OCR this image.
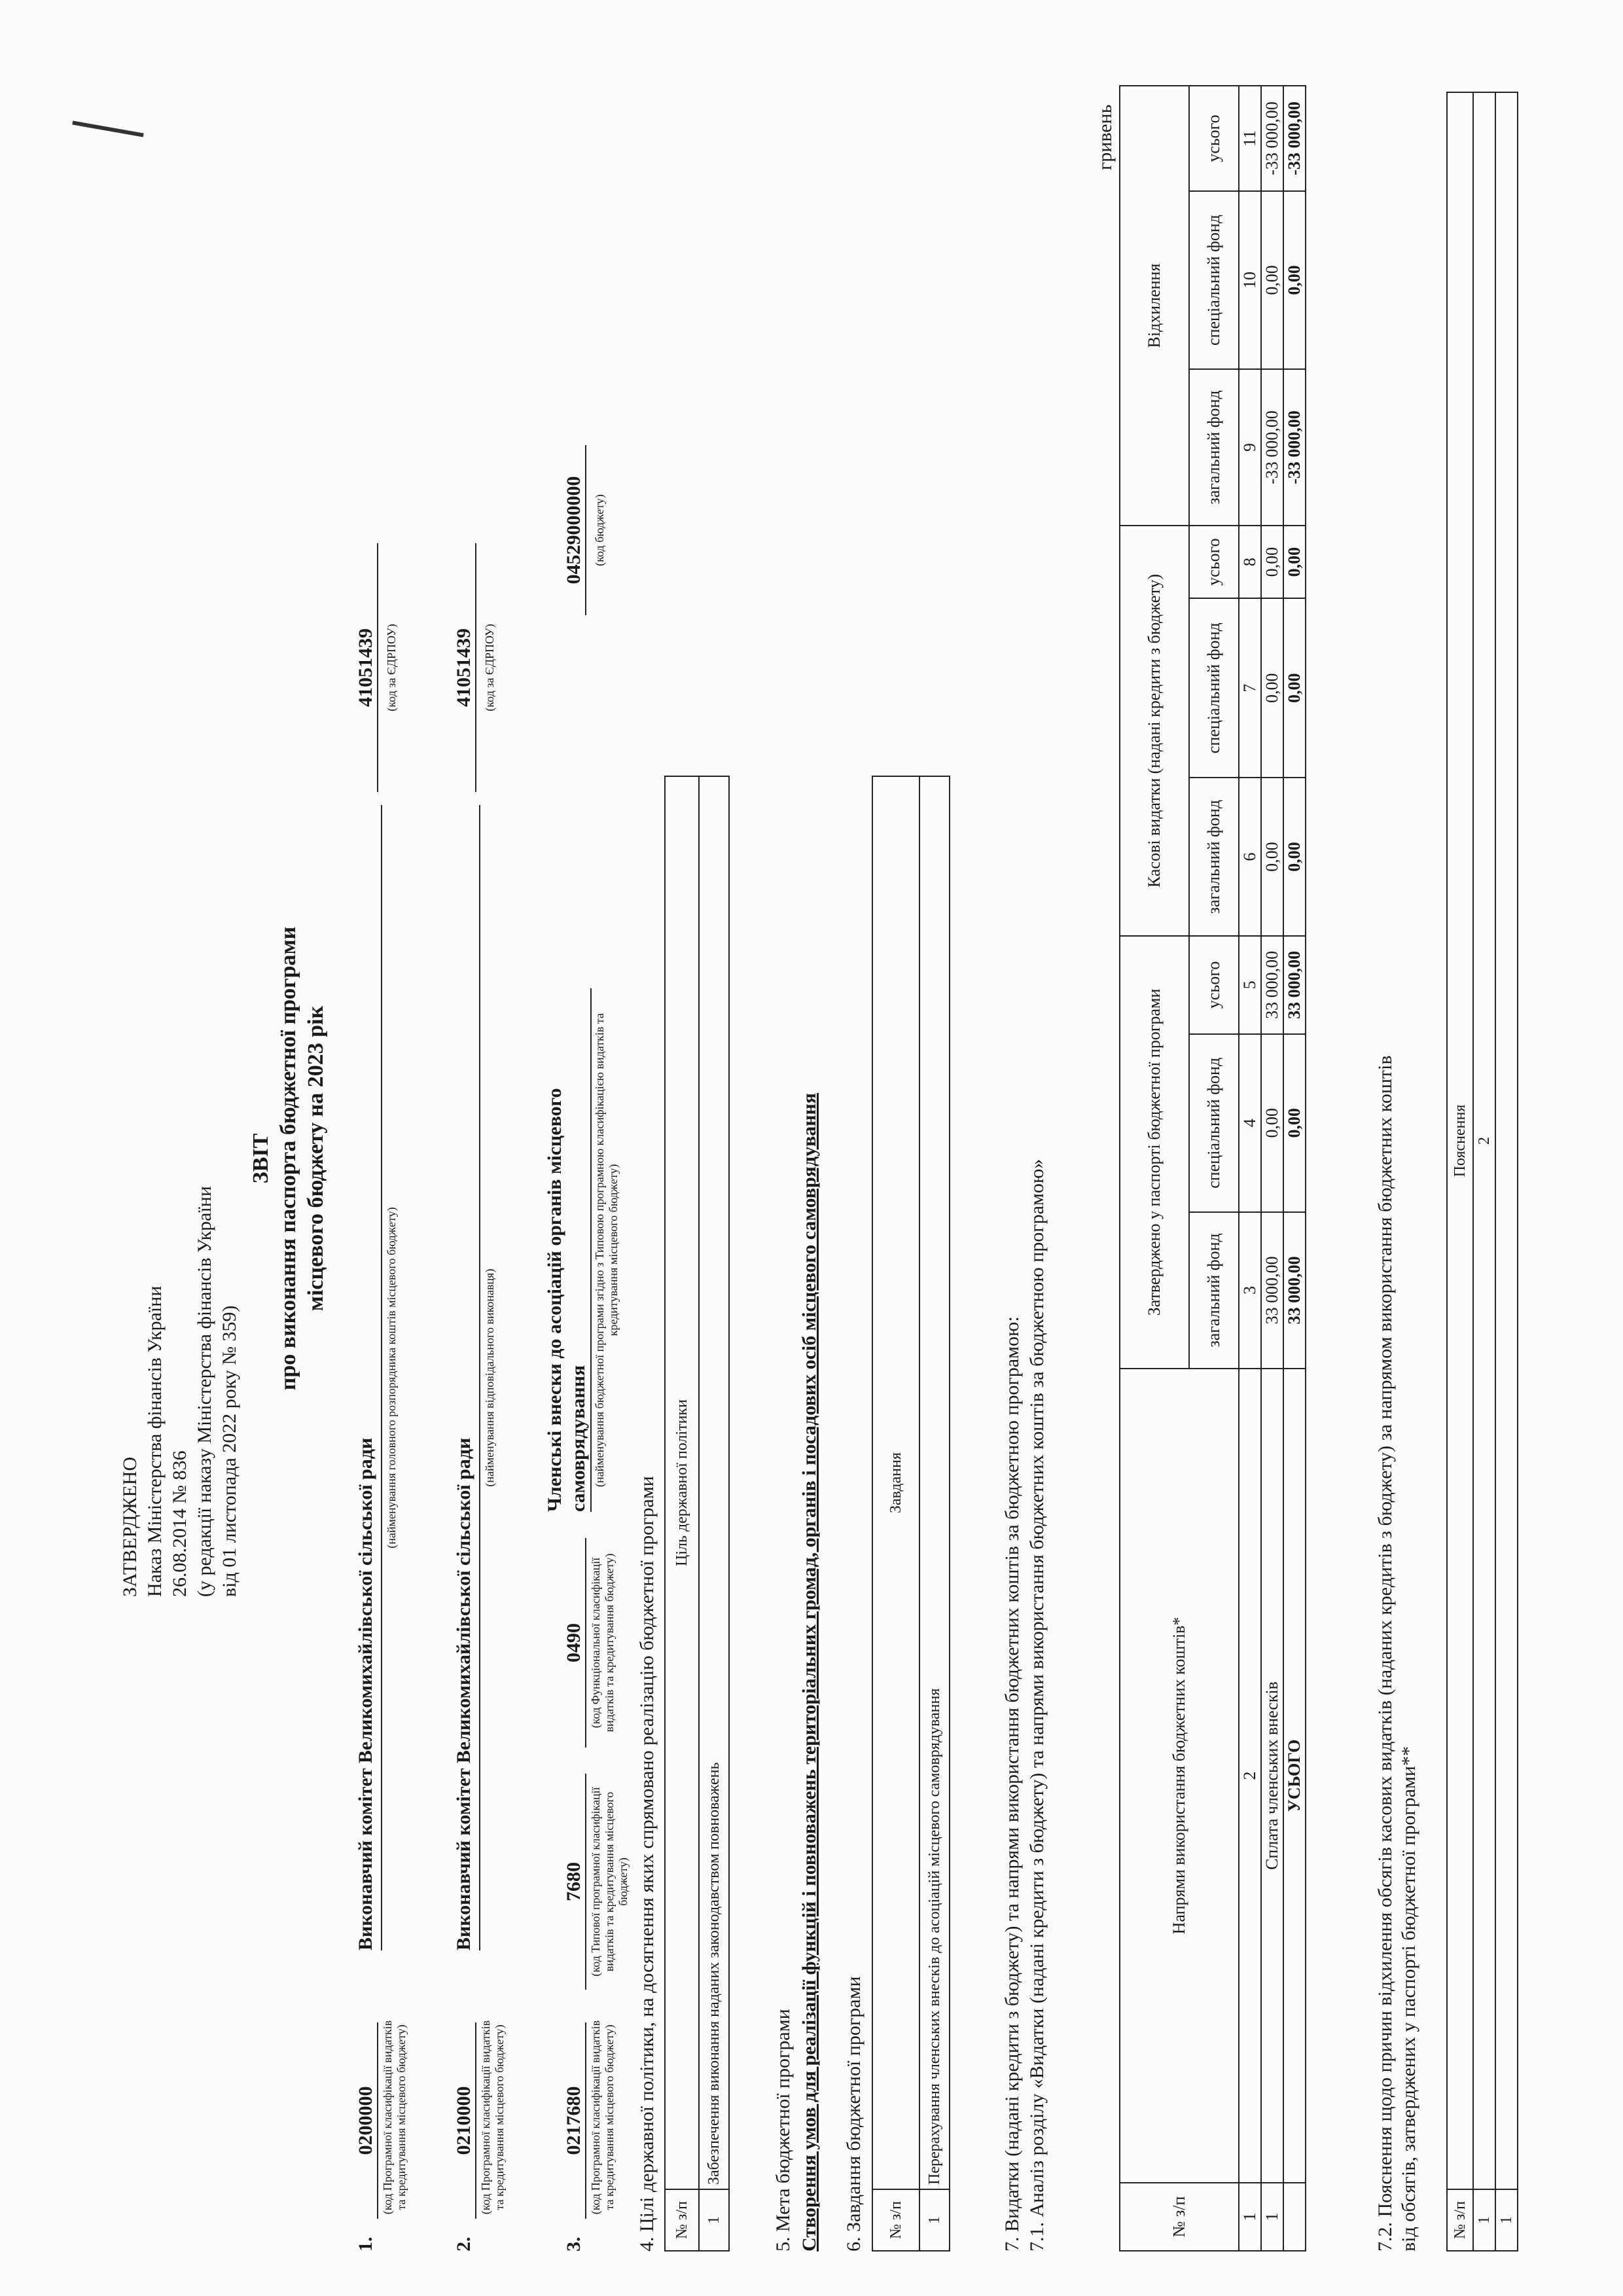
ЗАТВЕРДЖЕНО Наказ Міністерства фінансів України 26.08.2014 № 836 (у редакції наказу Міністерства фінансів України від 01 листопада 2022 року № 359)
ЗВІТ про виконання паспорта бюджетної програми місцевого бюджету на 2023 рік
1.
0200000 (код Програмної класифікації видатків та кредитування місцевого бюджету)
Виконавчий комітет Великомихайлівської сільської ради
(найменування головного розпорядника коштів місцевого бюджету)
41051439 (код за ЄДРПОУ)
2.
0210000 (код Програмної класифікації видатків та кредитування місцевого бюджету)
Виконавчий комітет Великомихайлівської сільської ради
(найменування відповідального виконавця)
41051439 (код за ЄДРПОУ)
3.
0217680 (код Програмної класифікації видатків та кредитування місцевого бюджету)
7680 (код Типової програмної класифікації видатків та кредитування місцевого бюджету)
0490 (код Функціональної класифікації видатків та кредитування бюджету)
Членські внески до асоціацій органів місцевого самоврядування (найменування бюджетної програми згідно з Типовою програмною класифікацією видатків та кредитування місцевого бюджету)
04529000000 (код бюджету)
4. Цілі державної політики, на досягнення яких спрямовано реалізацію бюджетної програми № з/п	Ціль державної політики
1	Забезпечення виконання наданих законодавством повноважень	5. Мета бюджетної програми Створення умов для реалізації функцій і повноважень територіальних громад, органів і посадових осіб місцевого самоврядування 6. Завдання бюджетної програми № з/п	Завдання
1	Перерахування членських внесків до асоціацій місцевого самоврядування	7. Видатки (надані кредити з бюджету) та напрями використання бюджетних коштів за бюджетною програмою: 7.1. Аналіз розділу «Видатки (надані кредити з бюджету) та напрями використання бюджетних коштів за бюджетною програмою»
гривень
№ з/п	Напрями використання бюджетних коштів*	Затверджено у паспорті бюджетної програми			Касові видатки (надані кредити з бюджету)			Відхилення		
		загальний фонд	спеціальний фонд	усього	загальний фонд	спеціальний фонд	усього	загальний фонд	спеціальний фонд	усього
1	2	3	4	5	6	7	8	9	10	11
1	Сплата членських внесків	33 000,00	0,00	33 000,00	0,00	0,00	0,00	-33 000,00	0,00	-33 000,00
	УСЬОГО	33 000,00	0,00	33 000,00	0,00	0,00	0,00	-33 000,00	0,00	-33 000,00
7.2. Пояснення щодо причин відхилення обсягів касових видатків (наданих кредитів з бюджету) за напрямом використання бюджетних коштів від обсягів, затверджених у паспорті бюджетної програми** № з/п	Пояснення
1	2
1	
